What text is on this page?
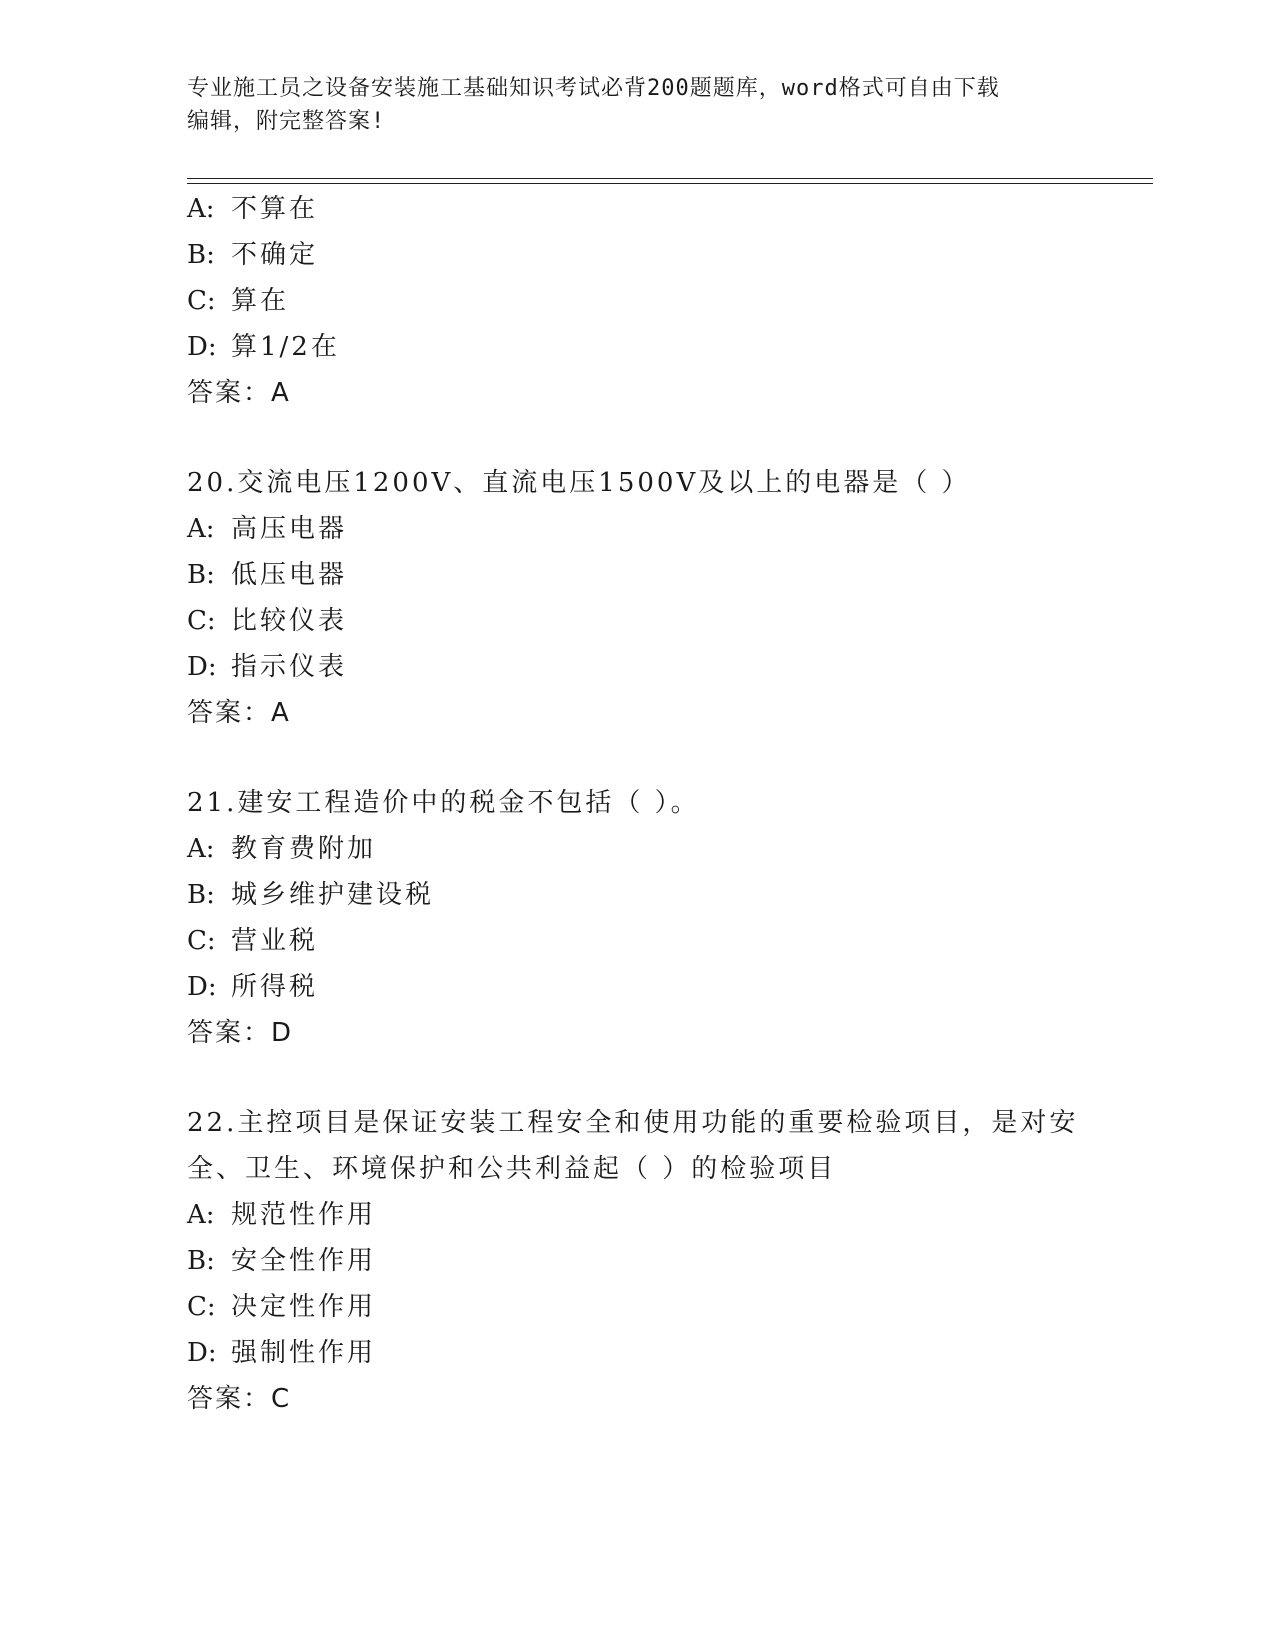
专业施工员之设备安装施工基础知识考试必背200题题库，word格式可自由下载
编辑，附完整答案!
A: 不算在
B: 不确定
C: 算在
D: 算1/2在
答案：A
20.交流电压1200V、直流电压1500V及以上的电器是（ ）
A: 高压电器
B: 低压电器
C: 比较仪表
D: 指示仪表
答案：A
21.建安工程造价中的税金不包括（ ）。
A: 教育费附加
B: 城乡维护建设税
C: 营业税
D: 所得税
答案：D
22.主控项目是保证安装工程安全和使用功能的重要检验项目，是对安
全、卫生、环境保护和公共利益起（ ）的检验项目
A: 规范性作用
B: 安全性作用
C: 决定性作用
D: 强制性作用
答案：C
